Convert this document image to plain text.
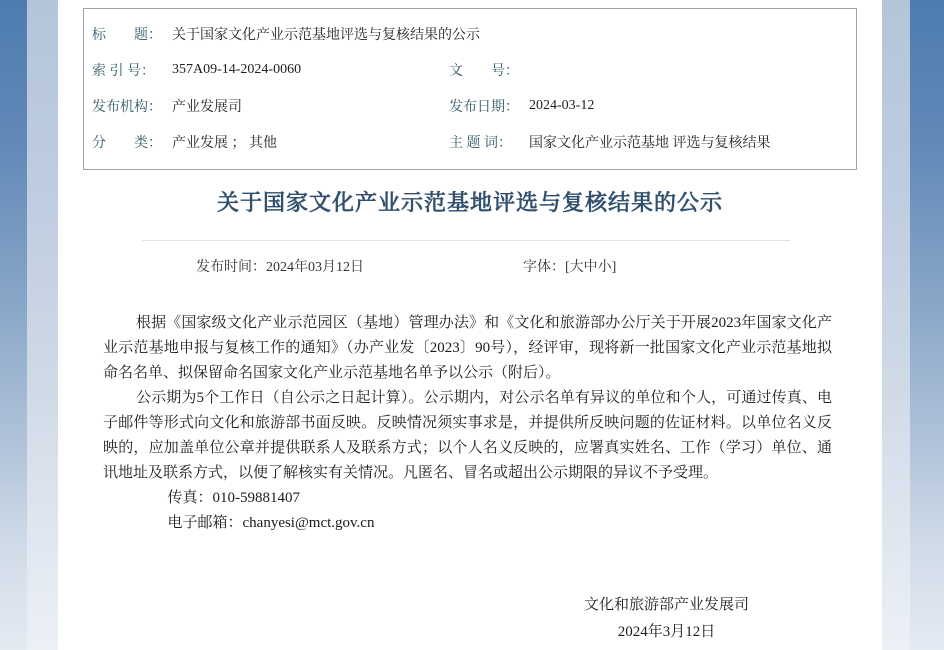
标　　题： 关于国家文化产业示范基地评选与复核结果的公示
索 引 号：	357A09-14-2024-0060	文　　号：
发布机构： 产业发展司	发布日期： 2024-03-12
分　　类： 产业发展 ； 其他	主 题 词：	国家文化产业示范基地 评选与复核结果
关于国家文化产业示范基地评选与复核结果的公示
发布时间：2024年03月12日	字体：[大中小]

根据《国家级文化产业示范园区（基地）管理办法》和《文化和旅游部办公厅关于开展2023年国家文化产业示范基地申报与复核工作的通知》（办产业发〔2023〕90号），经评审，现将新一批国家文化产业示范基地拟命名名单、拟保留命名国家文化产业示范基地名单予以公示（附后）。

公示期为5个工作日（自公示之日起计算）。公示期内，对公示名单有异议的单位和个人，可通过传真、电子邮件等形式向文化和旅游部书面反映。反映情况须实事求是，并提供所反映问题的佐证材料。以单位名义反映的，应加盖单位公章并提供联系人及联系方式；以个人名义反映的，应署真实姓名、工作（学习）单位、通讯地址及联系方式，以便了解核实有关情况。凡匿名、冒名或超出公示期限的异议不予受理。

传真：010-59881407

电子邮箱：chanyesi@mct.gov.cn

文化和旅游部产业发展司
2024年3月12日
